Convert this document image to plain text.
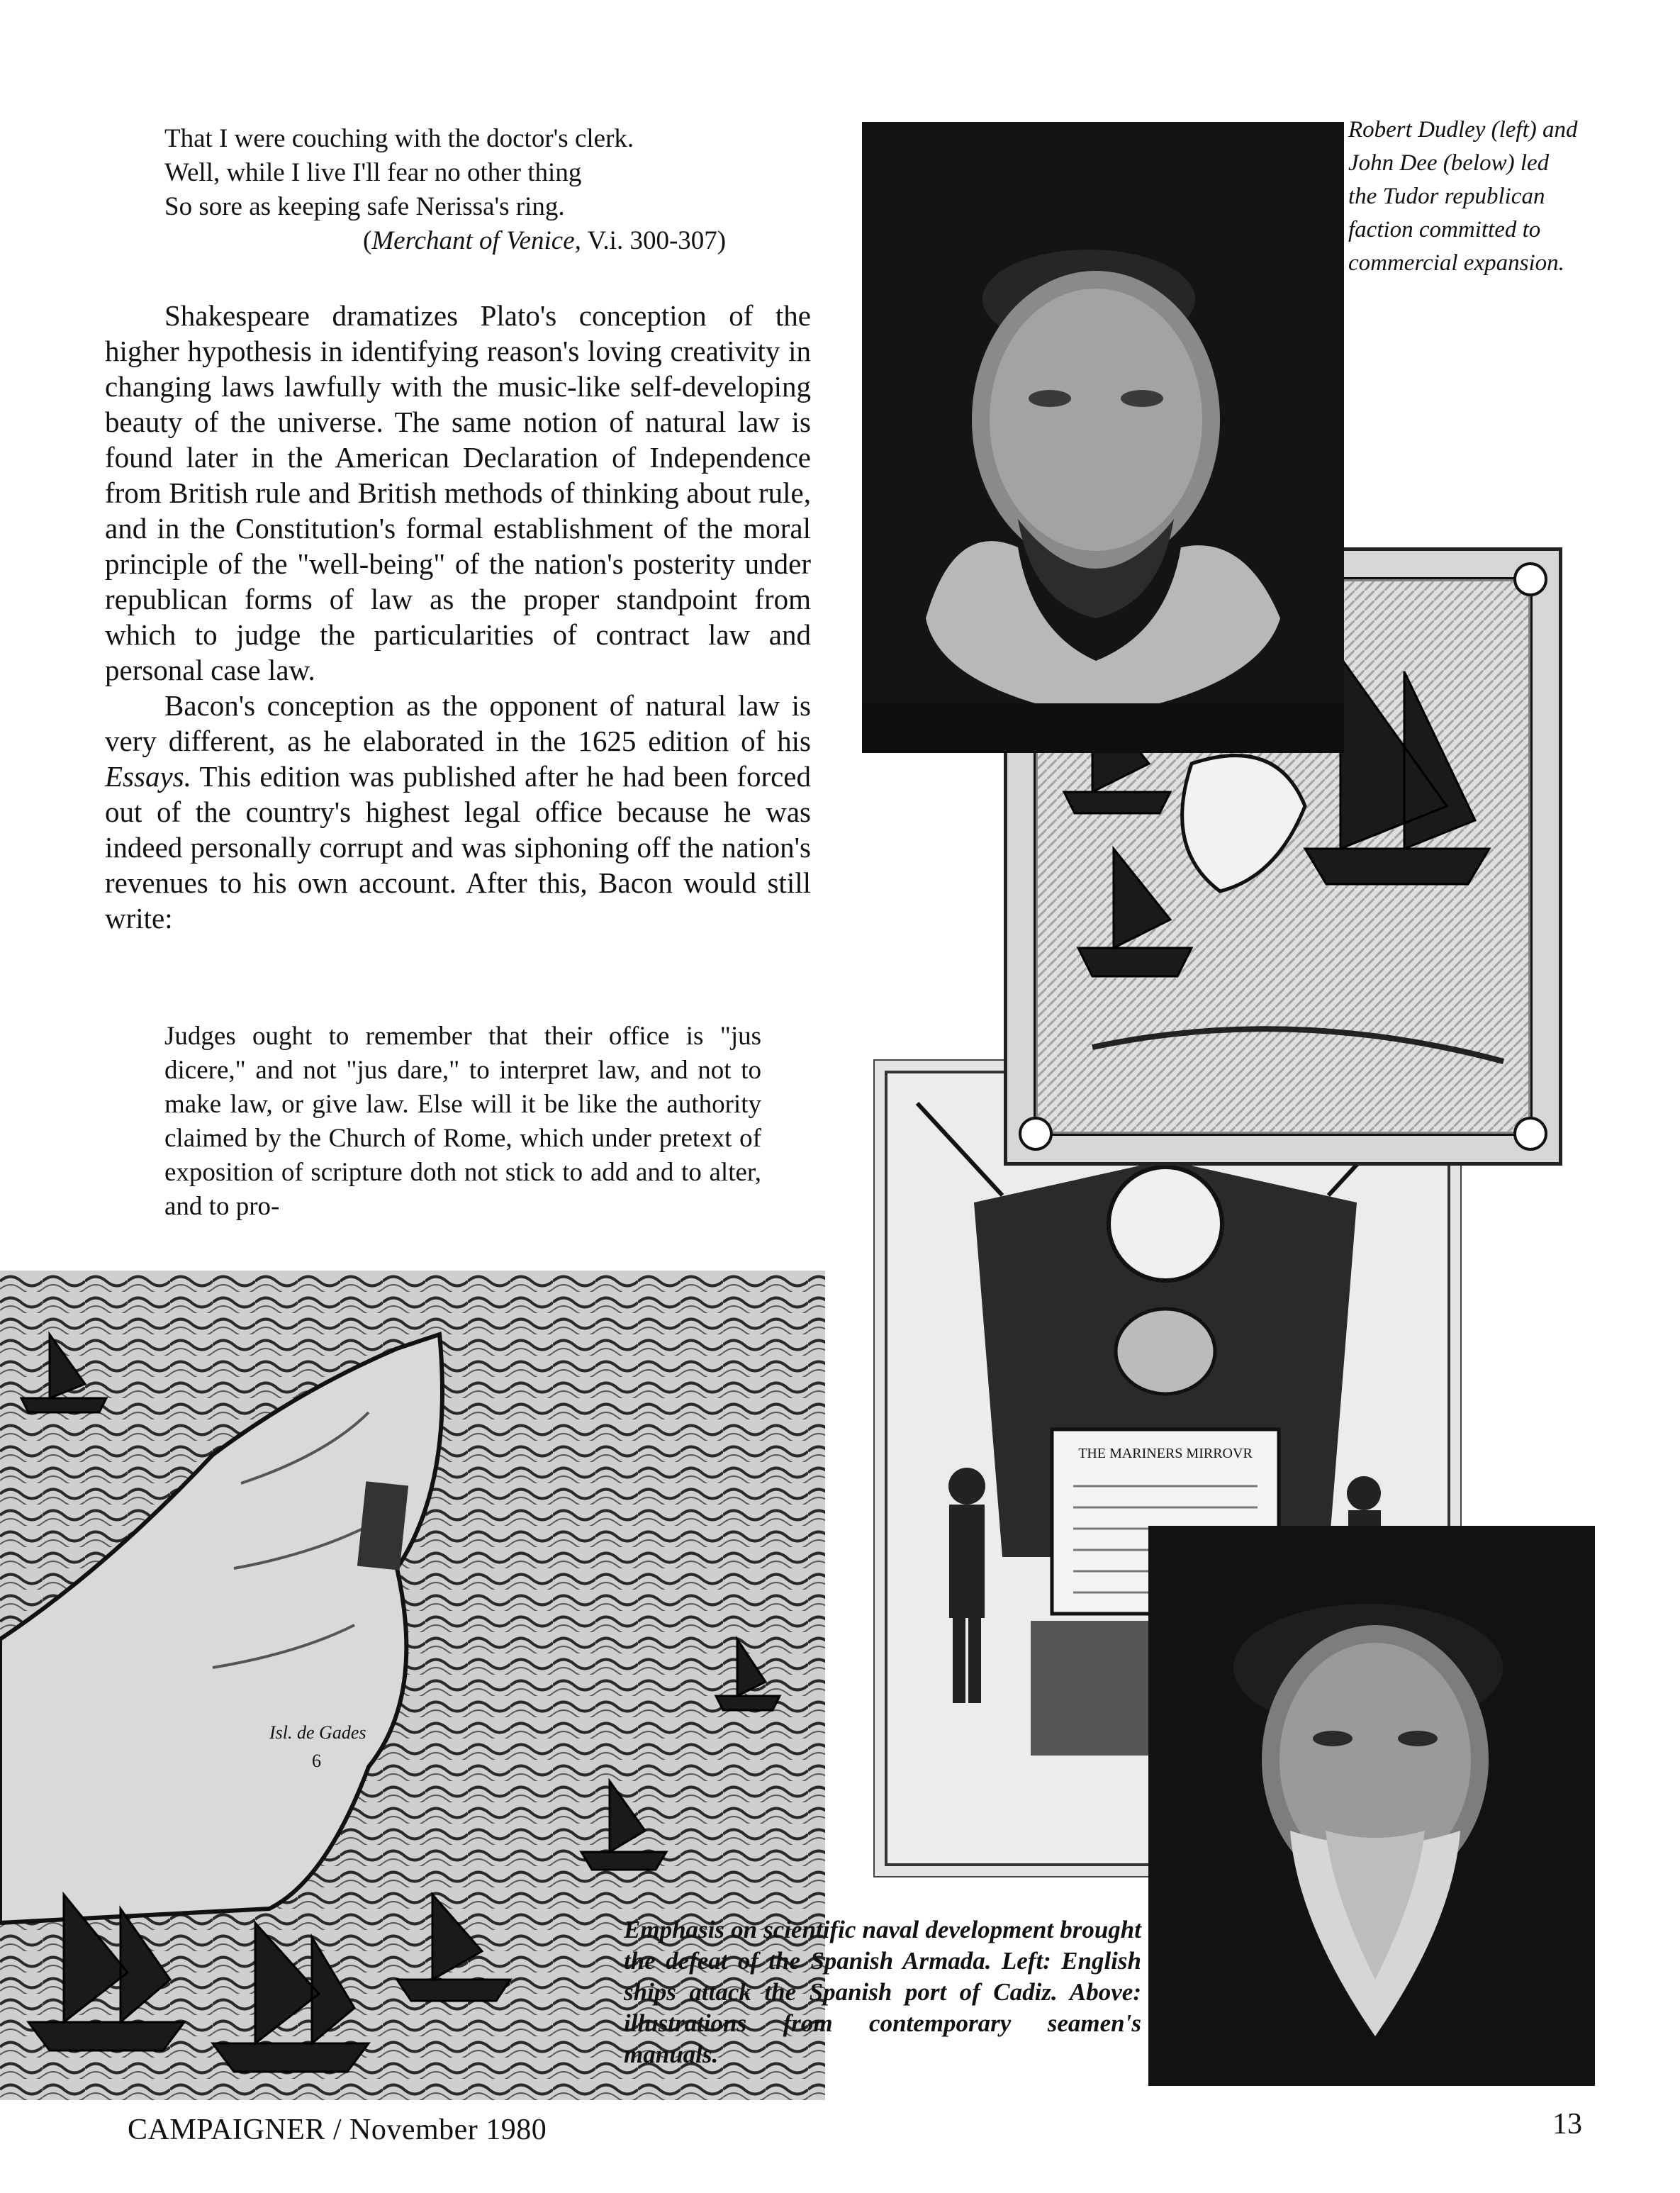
That I were couching with the doctor's clerk.
Well, while I live I'll fear no other thing
So sore as keeping safe Nerissa's ring.
(Merchant of Venice, V.i. 300-307)

Shakespeare dramatizes Plato's conception of the higher hypothesis in identifying reason's loving creativity in changing laws lawfully with the music-like self-developing beauty of the universe. The same notion of natural law is found later in the American Declaration of Independence from British rule and British methods of thinking about rule, and in the Constitution's formal establishment of the moral principle of the "well-being" of the nation's posterity under republican forms of law as the proper standpoint from which to judge the particularities of contract law and personal case law.

Bacon's conception as the opponent of natural law is very different, as he elaborated in the 1625 edition of his Essays. This edition was published after he had been forced out of the country's highest legal office because he was indeed personally corrupt and was siphoning off the nation's revenues to his own account. After this, Bacon would still write:

Judges ought to remember that their office is "jus dicere," and not "jus dare," to interpret law, and not to make law, or give law. Else will it be like the authority claimed by the Church of Rome, which under pretext of exposition of scripture doth not stick to add and to alter, and to pro-
Isl. de Gades
6
THE MARINERS MIRROVR
Robert Dudley (left) and John Dee (below) led the Tudor republican faction committed to commercial expansion.
Emphasis on scientific naval development brought the defeat of the Spanish Armada. Left: English ships attack the Spanish port of Cadiz. Above: illustrations from contemporary seamen's manuals.
CAMPAIGNER / November 1980	13
